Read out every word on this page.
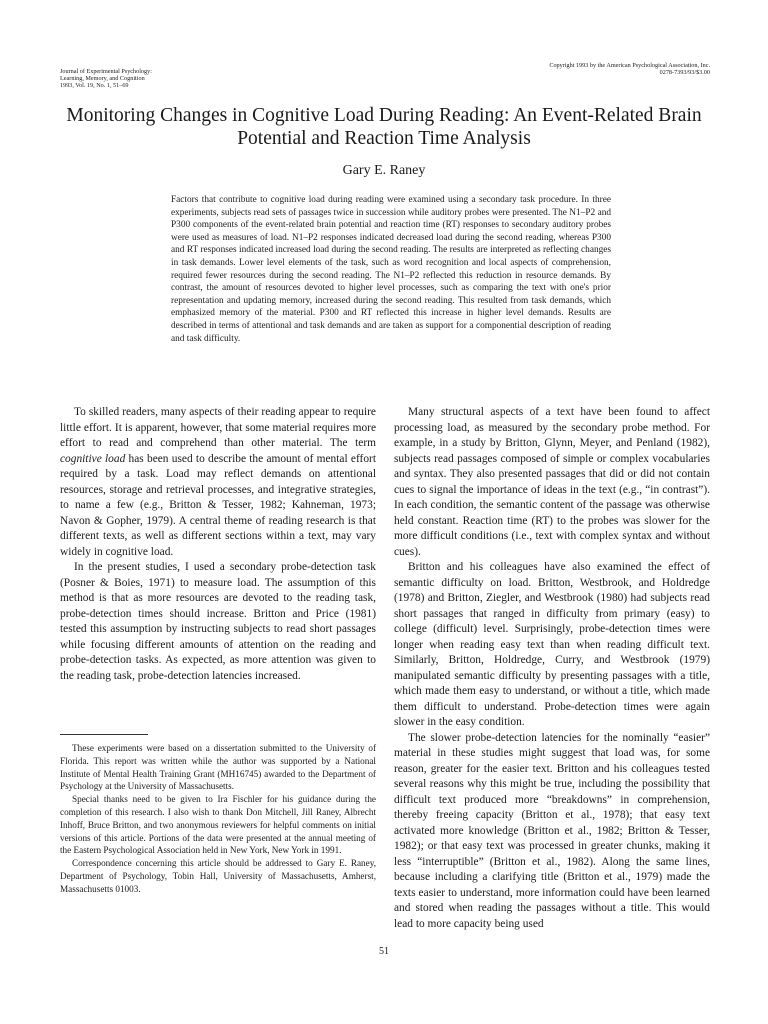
Journal of Experimental Psychology:
Learning, Memory, and Cognition
1993, Vol. 19, No. 1, 51–69
Copyright 1993 by the American Psychological Association, Inc.
0278-7393/93/$3.00
Monitoring Changes in Cognitive Load During Reading: An Event-Related Brain Potential and Reaction Time Analysis
Gary E. Raney

Factors that contribute to cognitive load during reading were examined using a secondary task procedure. In three experiments, subjects read sets of passages twice in succession while auditory probes were presented. The N1–P2 and P300 components of the event-related brain potential and reaction time (RT) responses to secondary auditory probes were used as measures of load. N1–P2 responses indicated decreased load during the second reading, whereas P300 and RT responses indicated increased load during the second reading. The results are interpreted as reflecting changes in task demands. Lower level elements of the task, such as word recognition and local aspects of comprehension, required fewer resources during the second reading. The N1–P2 reflected this reduction in resource demands. By contrast, the amount of resources devoted to higher level processes, such as comparing the text with one's prior representation and updating memory, increased during the second reading. This resulted from task demands, which emphasized memory of the material. P300 and RT reflected this increase in higher level demands. Results are described in terms of attentional and task demands and are taken as support for a componential description of reading and task difficulty.

To skilled readers, many aspects of their reading appear to require little effort. It is apparent, however, that some material requires more effort to read and comprehend than other material. The term cognitive load has been used to describe the amount of mental effort required by a task. Load may reflect demands on attentional resources, storage and retrieval processes, and integrative strategies, to name a few (e.g., Britton & Tesser, 1982; Kahneman, 1973; Navon & Gopher, 1979). A central theme of reading research is that different texts, as well as different sections within a text, may vary widely in cognitive load.

In the present studies, I used a secondary probe-detection task (Posner & Boies, 1971) to measure load. The assumption of this method is that as more resources are devoted to the reading task, probe-detection times should increase. Britton and Price (1981) tested this assumption by instructing subjects to read short passages while focusing different amounts of attention on the reading and probe-detection tasks. As expected, as more attention was given to the reading task, probe-detection latencies increased.

Many structural aspects of a text have been found to affect processing load, as measured by the secondary probe method. For example, in a study by Britton, Glynn, Meyer, and Penland (1982), subjects read passages composed of simple or complex vocabularies and syntax. They also presented passages that did or did not contain cues to signal the importance of ideas in the text (e.g., “in contrast”). In each condition, the semantic content of the passage was otherwise held constant. Reaction time (RT) to the probes was slower for the more difficult conditions (i.e., text with complex syntax and without cues).

Britton and his colleagues have also examined the effect of semantic difficulty on load. Britton, Westbrook, and Holdredge (1978) and Britton, Ziegler, and Westbrook (1980) had subjects read short passages that ranged in difficulty from primary (easy) to college (difficult) level. Surprisingly, probe-detection times were longer when reading easy text than when reading difficult text. Similarly, Britton, Holdredge, Curry, and Westbrook (1979) manipulated semantic difficulty by presenting passages with a title, which made them easy to understand, or without a title, which made them difficult to understand. Probe-detection times were again slower in the easy condition.

The slower probe-detection latencies for the nominally “easier” material in these studies might suggest that load was, for some reason, greater for the easier text. Britton and his colleagues tested several reasons why this might be true, including the possibility that difficult text produced more “breakdowns” in comprehension, thereby freeing capacity (Britton et al., 1978); that easy text activated more knowledge (Britton et al., 1982; Britton & Tesser, 1982); or that easy text was processed in greater chunks, making it less “interruptible” (Britton et al., 1982). Along the same lines, because including a clarifying title (Britton et al., 1979) made the texts easier to understand, more information could have been learned and stored when reading the passages without a title. This would lead to more capacity being used

These experiments were based on a dissertation submitted to the University of Florida. This report was written while the author was supported by a National Institute of Mental Health Training Grant (MH16745) awarded to the Department of Psychology at the University of Massachusetts.

Special thanks need to be given to Ira Fischler for his guidance during the completion of this research. I also wish to thank Don Mitchell, Jill Raney, Albrecht Inhoff, Bruce Britton, and two anonymous reviewers for helpful comments on initial versions of this article. Portions of the data were presented at the annual meeting of the Eastern Psychological Association held in New York, New York in 1991.

Correspondence concerning this article should be addressed to Gary E. Raney, Department of Psychology, Tobin Hall, University of Massachusetts, Amherst, Massachusetts 01003.

51
